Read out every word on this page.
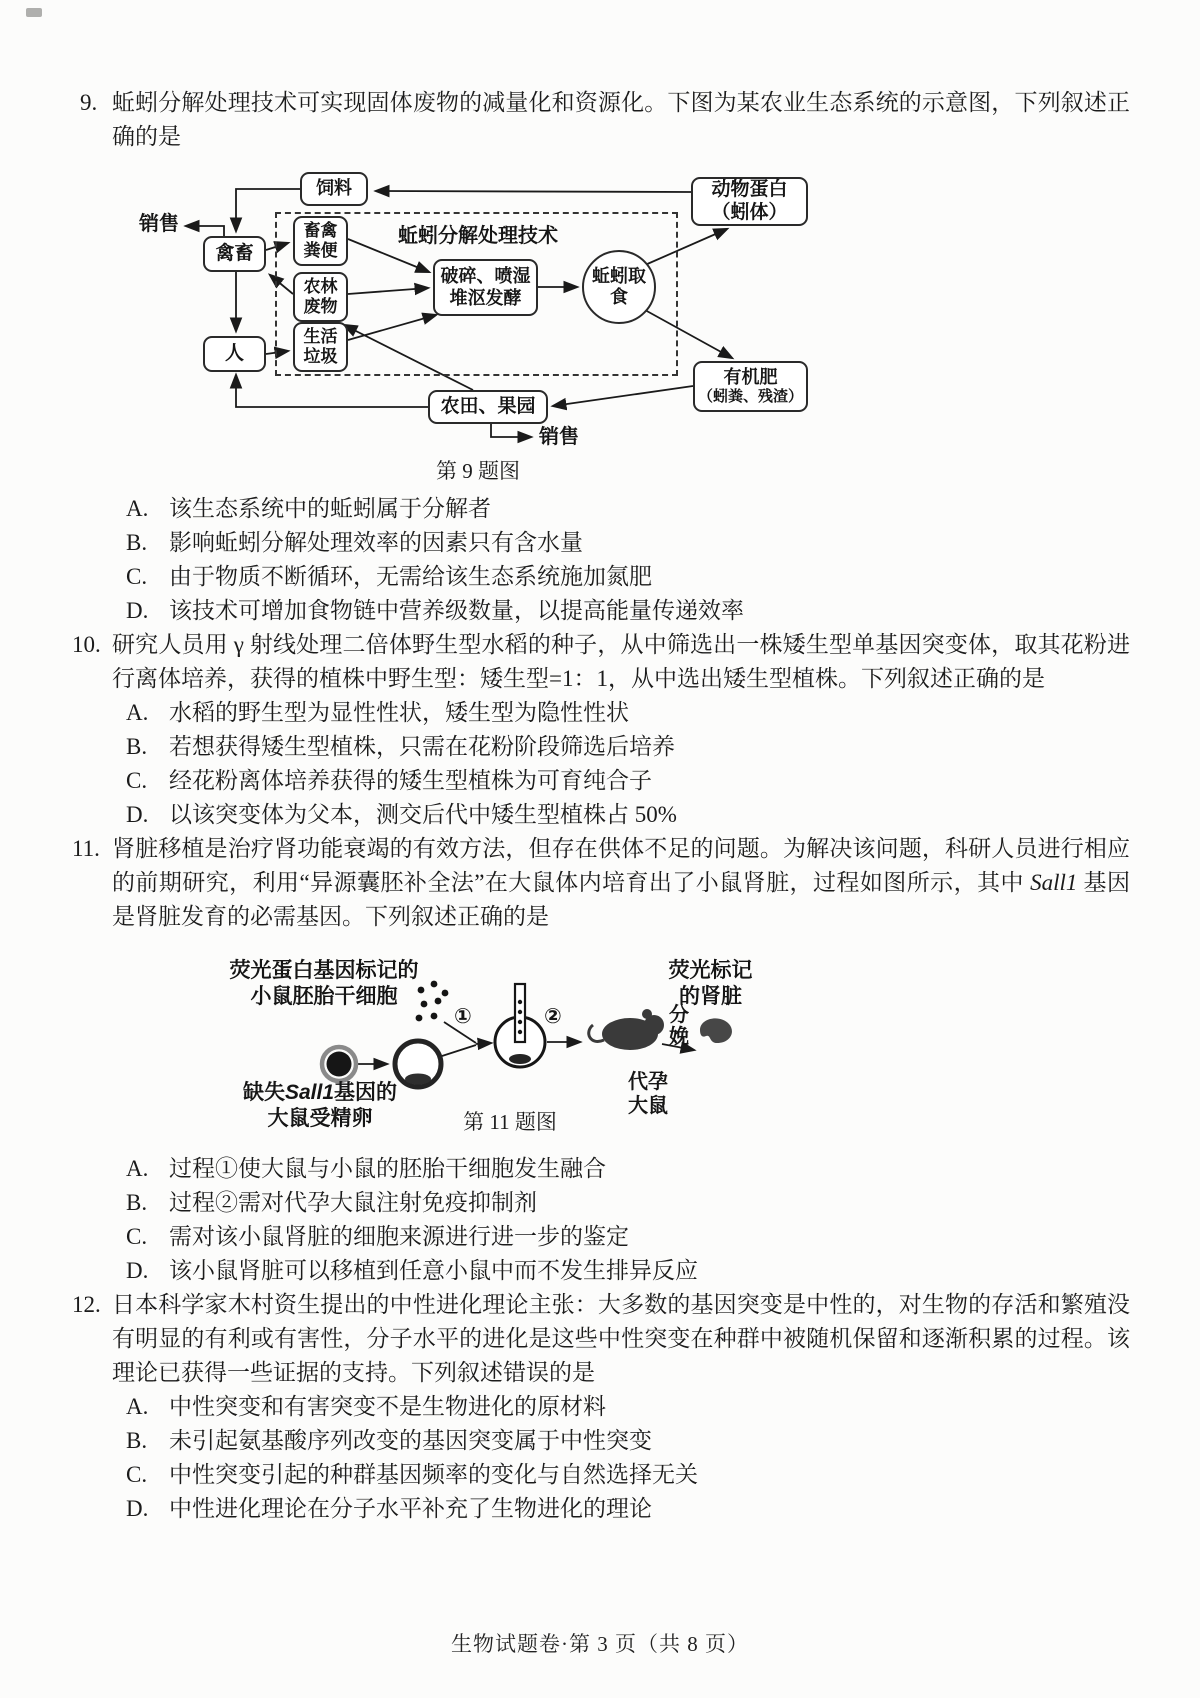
9. 蚯蚓分解处理技术可实现固体废物的减量化和资源化。下图为某农业生态系统的示意图，下列叙述正确的是
蚯蚓分解处理技术
饲料	动物蛋白
（蚓体）
销售
禽畜
畜禽
粪便
农林
废物
生活
垃圾
人
破碎、喷湿
堆沤发酵
蚯蚓取食
有机肥
（蚓粪、残渣）
农田、果园
销售
第 9 题图
A. 该生态系统中的蚯蚓属于分解者
B. 影响蚯蚓分解处理效率的因素只有含水量
C. 由于物质不断循环，无需给该生态系统施加氮肥
D. 该技术可增加食物链中营养级数量，以提高能量传递效率
10. 研究人员用 γ 射线处理二倍体野生型水稻的种子，从中筛选出一株矮生型单基因突变体，取其花粉进行离体培养，获得的植株中野生型：矮生型=1：1，从中选出矮生型植株。下列叙述正确的是
A. 水稻的野生型为显性性状，矮生型为隐性性状
B. 若想获得矮生型植株，只需在花粉阶段筛选后培养
C. 经花粉离体培养获得的矮生型植株为可育纯合子
D. 以该突变体为父本，测交后代中矮生型植株占 50%
11. 肾脏移植是治疗肾功能衰竭的有效方法，但存在供体不足的问题。为解决该问题，科研人员进行相应的前期研究，利用“异源囊胚补全法”在大鼠体内培育出了小鼠肾脏，过程如图所示，其中 Sall1 基因是肾脏发育的必需基因。下列叙述正确的是
荧光蛋白基因标记的
小鼠胚胎干细胞
荧光标记
的肾脏
①	②	分
娩
代孕
大鼠
缺失Sall1基因的
大鼠受精卵	第 11 题图
A. 过程①使大鼠与小鼠的胚胎干细胞发生融合
B. 过程②需对代孕大鼠注射免疫抑制剂
C. 需对该小鼠肾脏的细胞来源进行进一步的鉴定
D. 该小鼠肾脏可以移植到任意小鼠中而不发生排异反应
12. 日本科学家木村资生提出的中性进化理论主张：大多数的基因突变是中性的，对生物的存活和繁殖没有明显的有利或有害性，分子水平的进化是这些中性突变在种群中被随机保留和逐渐积累的过程。该理论已获得一些证据的支持。下列叙述错误的是
A. 中性突变和有害突变不是生物进化的原材料
B. 未引起氨基酸序列改变的基因突变属于中性突变
C. 中性突变引起的种群基因频率的变化与自然选择无关
D. 中性进化理论在分子水平补充了生物进化的理论
生物试题卷·第 3 页（共 8 页）
